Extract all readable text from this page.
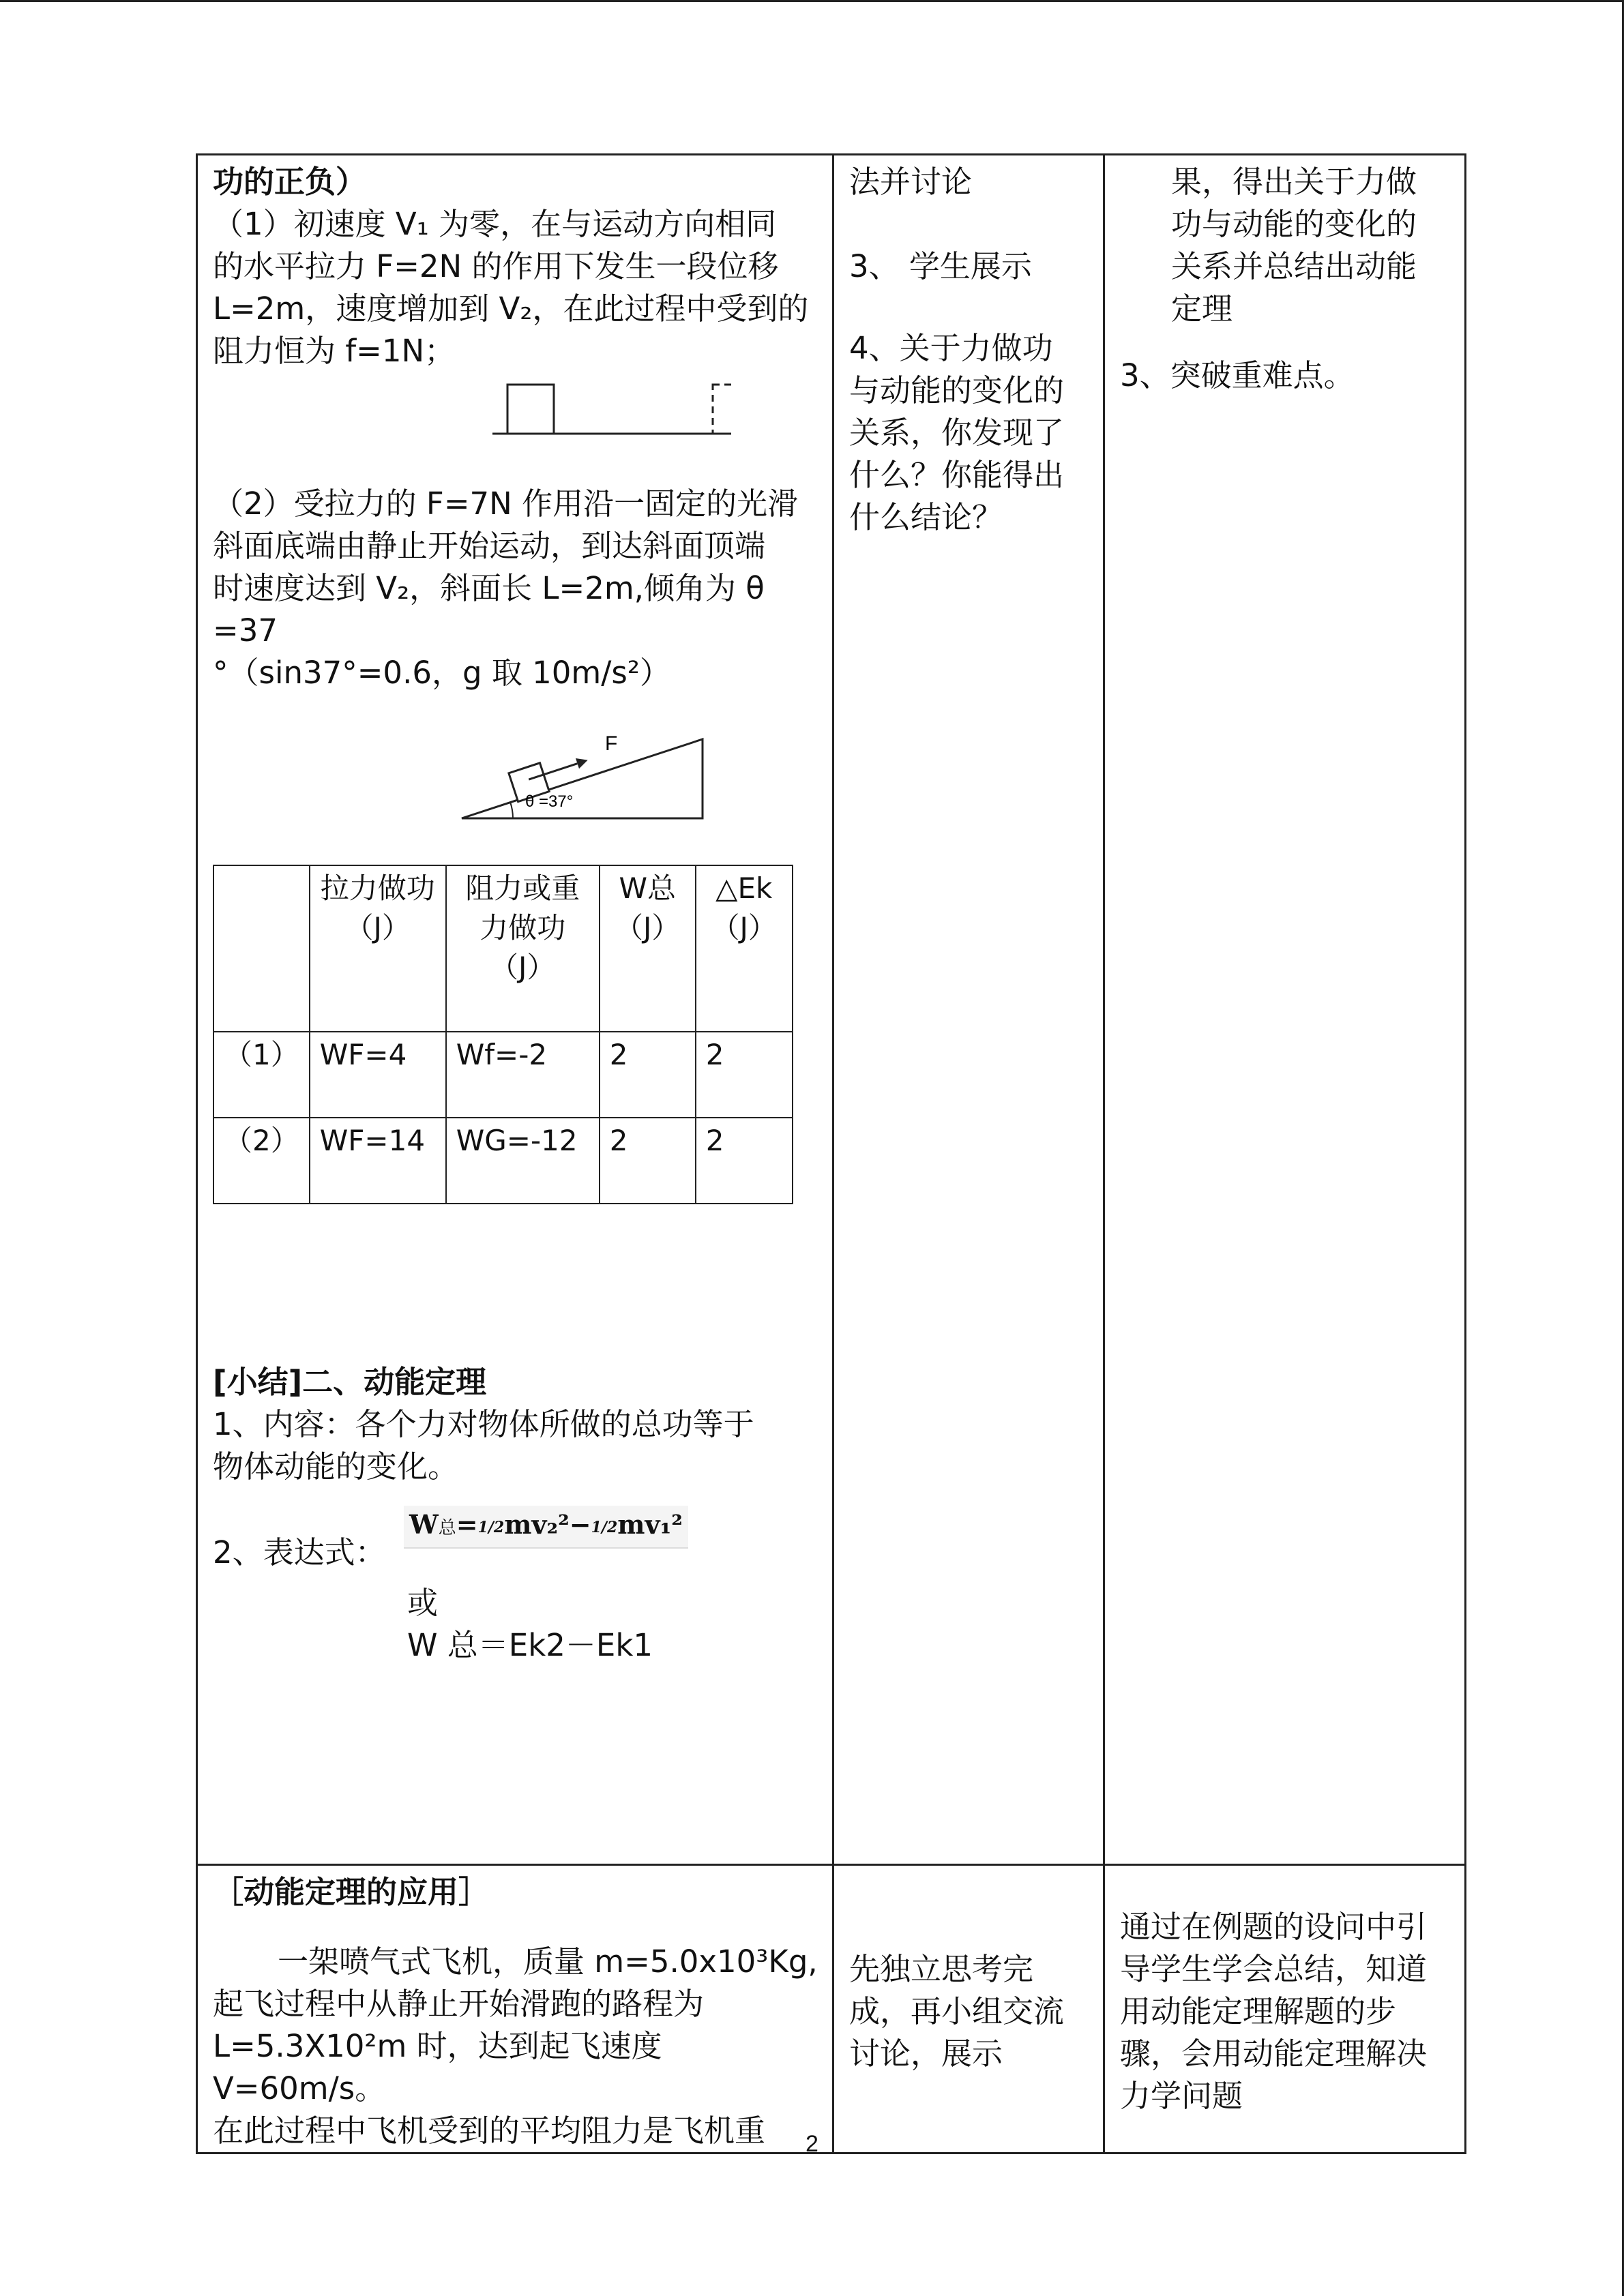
功的正负）
（1）初速度 V₁ 为零，在与运动方向相同
的水平拉力 F=2N 的作用下发生一段位移
L=2m，速度增加到 V₂，在此过程中受到的
阻力恒为 f=1N；
（2）受拉力的 F=7N 作用沿一固定的光滑
斜面底端由静止开始运动，到达斜面顶端
时速度达到 V₂，斜面长 L=2m,倾角为 θ =37
°（sin37°=0.6，g 取 10m/s²）
F
θ =37°
	拉力做功（J）	阻力或重力做功（J）	W总（J）	△Ek（J）
（1）	WF=4	Wf=-2	2	2
（2）	WF=14	WG=-12	2	2
[小结]二、动能定理
1、内容：各个力对物体所做的总功等于
物体动能的变化。
2、表达式：
W总=1/2mv₂²−1/2mv₁²
或
W 总＝Ek2－Ek1

法并讨论
3、 学生展示
4、关于力做功
与动能的变化的
关系，你发现了
什么？你能得出
什么结论？

果，得出关于力做
功与动能的变化的
关系并总结出动能
定理
3、突破重难点。

［动能定理的应用］
一架喷气式飞机，质量 m=5.0x10³Kg,
起飞过程中从静止开始滑跑的路程为
L=5.3X10²m 时，达到起飞速度 V=60m/s。
在此过程中飞机受到的平均阻力是飞机重

先独立思考完
成，再小组交流
讨论，展示

通过在例题的设问中引
导学生学会总结，知道
用动能定理解题的步
骤，会用动能定理解决
力学问题
2
